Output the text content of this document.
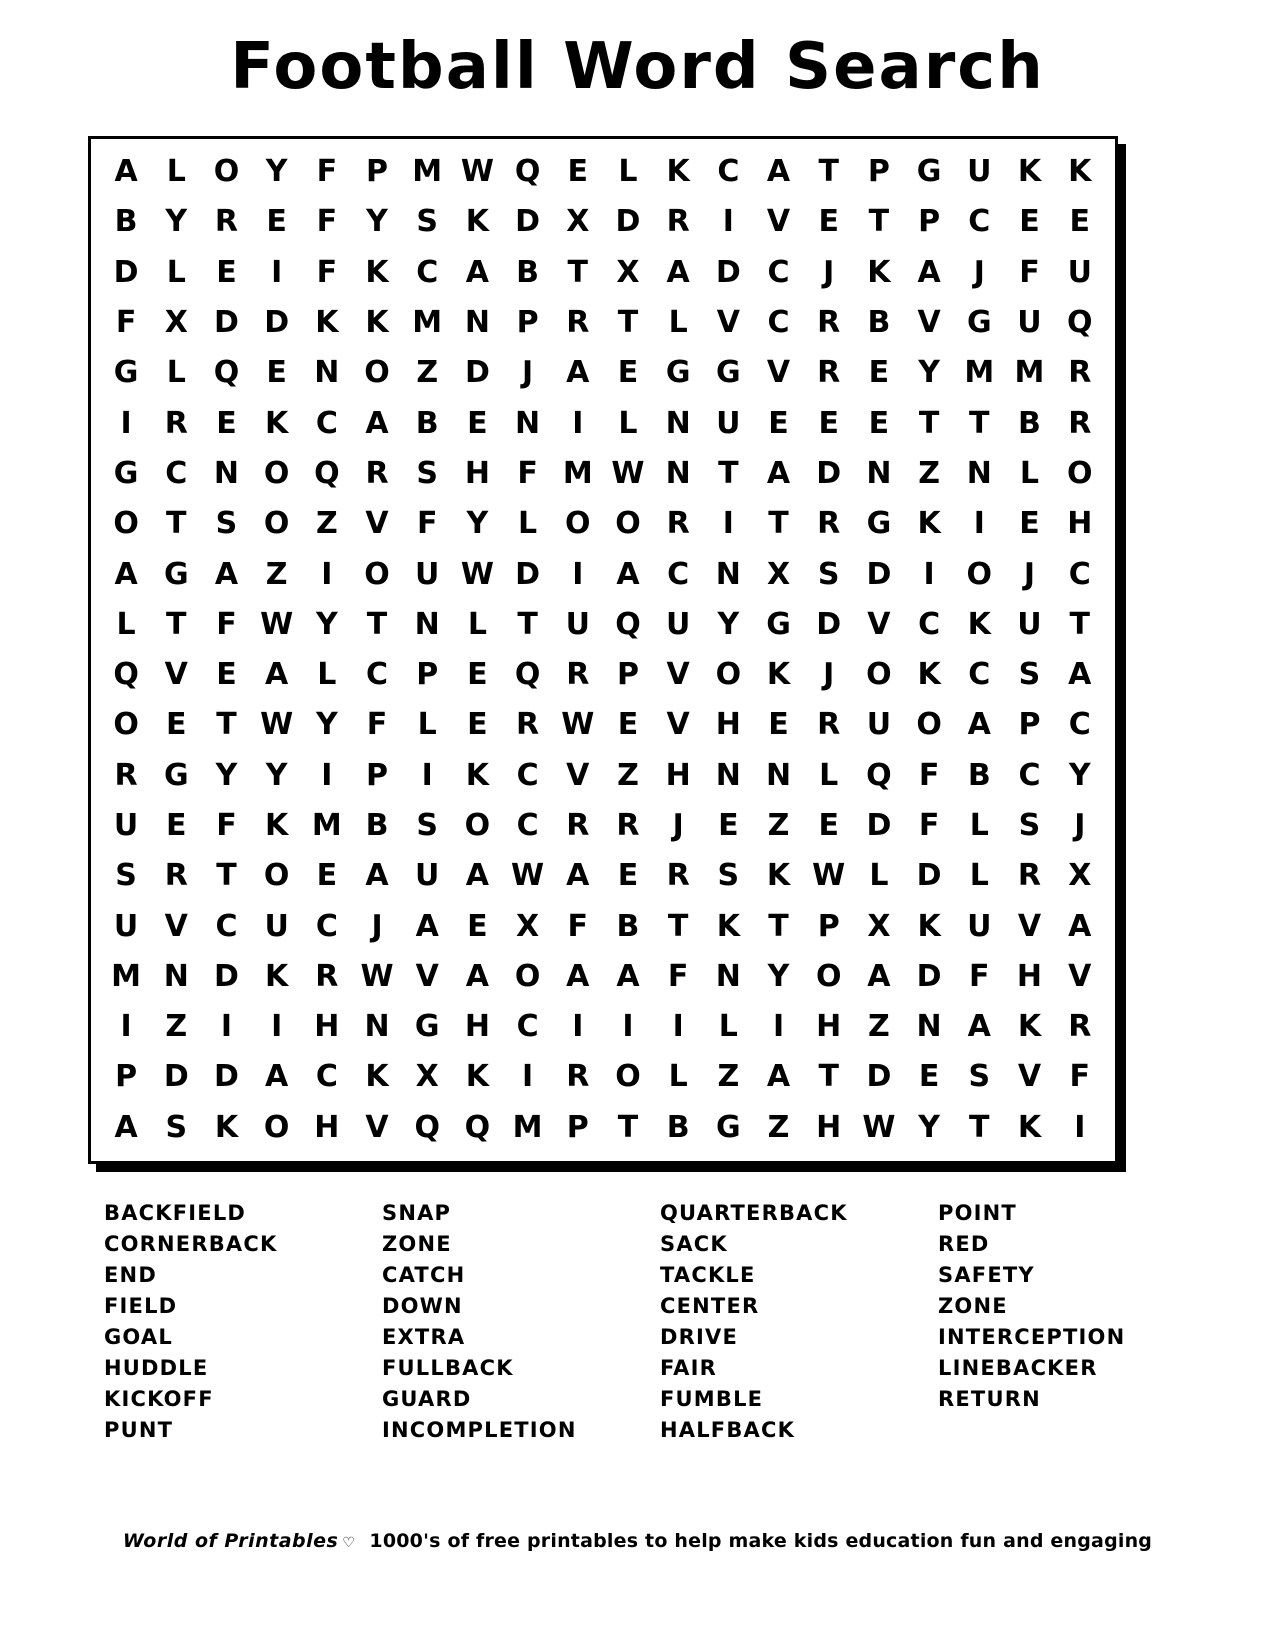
Football Word Search
A	L	O	Y	F	P	M	W	Q	E	L	K	C	A	T	P	G	U	K	K
B	Y	R	E	F	Y	S	K	D	X	D	R	I	V	E	T	P	C	E	E
D	L	E	I	F	K	C	A	B	T	X	A	D	C	J	K	A	J	F	U
F	X	D	D	K	K	M	N	P	R	T	L	V	C	R	B	V	G	U	Q
G	L	Q	E	N	O	Z	D	J	A	E	G	G	V	R	E	Y	M	M	R
I	R	E	K	C	A	B	E	N	I	L	N	U	E	E	E	T	T	B	R
G	C	N	O	Q	R	S	H	F	M	W	N	T	A	D	N	Z	N	L	O
O	T	S	O	Z	V	F	Y	L	O	O	R	I	T	R	G	K	I	E	H
A	G	A	Z	I	O	U	W	D	I	A	C	N	X	S	D	I	O	J	C
L	T	F	W	Y	T	N	L	T	U	Q	U	Y	G	D	V	C	K	U	T
Q	V	E	A	L	C	P	E	Q	R	P	V	O	K	J	O	K	C	S	A
O	E	T	W	Y	F	L	E	R	W	E	V	H	E	R	U	O	A	P	C
R	G	Y	Y	I	P	I	K	C	V	Z	H	N	N	L	Q	F	B	C	Y
U	E	F	K	M	B	S	O	C	R	R	J	E	Z	E	D	F	L	S	J
S	R	T	O	E	A	U	A	W	A	E	R	S	K	W	L	D	L	R	X
U	V	C	U	C	J	A	E	X	F	B	T	K	T	P	X	K	U	V	A
M	N	D	K	R	W	V	A	O	A	A	F	N	Y	O	A	D	F	H	V
I	Z	I	I	H	N	G	H	C	I	I	I	L	I	H	Z	N	A	K	R
P	D	D	A	C	K	X	K	I	R	O	L	Z	A	T	D	E	S	V	F
A	S	K	O	H	V	Q	Q	M	P	T	B	G	Z	H	W	Y	T	K	I
BACKFIELD
CORNERBACK
END
FIELD
GOAL
HUDDLE
KICKOFF
PUNT
SNAP
ZONE
CATCH
DOWN
EXTRA
FULLBACK
GUARD
INCOMPLETION
QUARTERBACK
SACK
TACKLE
CENTER
DRIVE
FAIR
FUMBLE
HALFBACK
POINT
RED
SAFETY
ZONE
INTERCEPTION
LINEBACKER
RETURN
World of Printables ♡ 1000's of free printables to help make kids education fun and engaging
